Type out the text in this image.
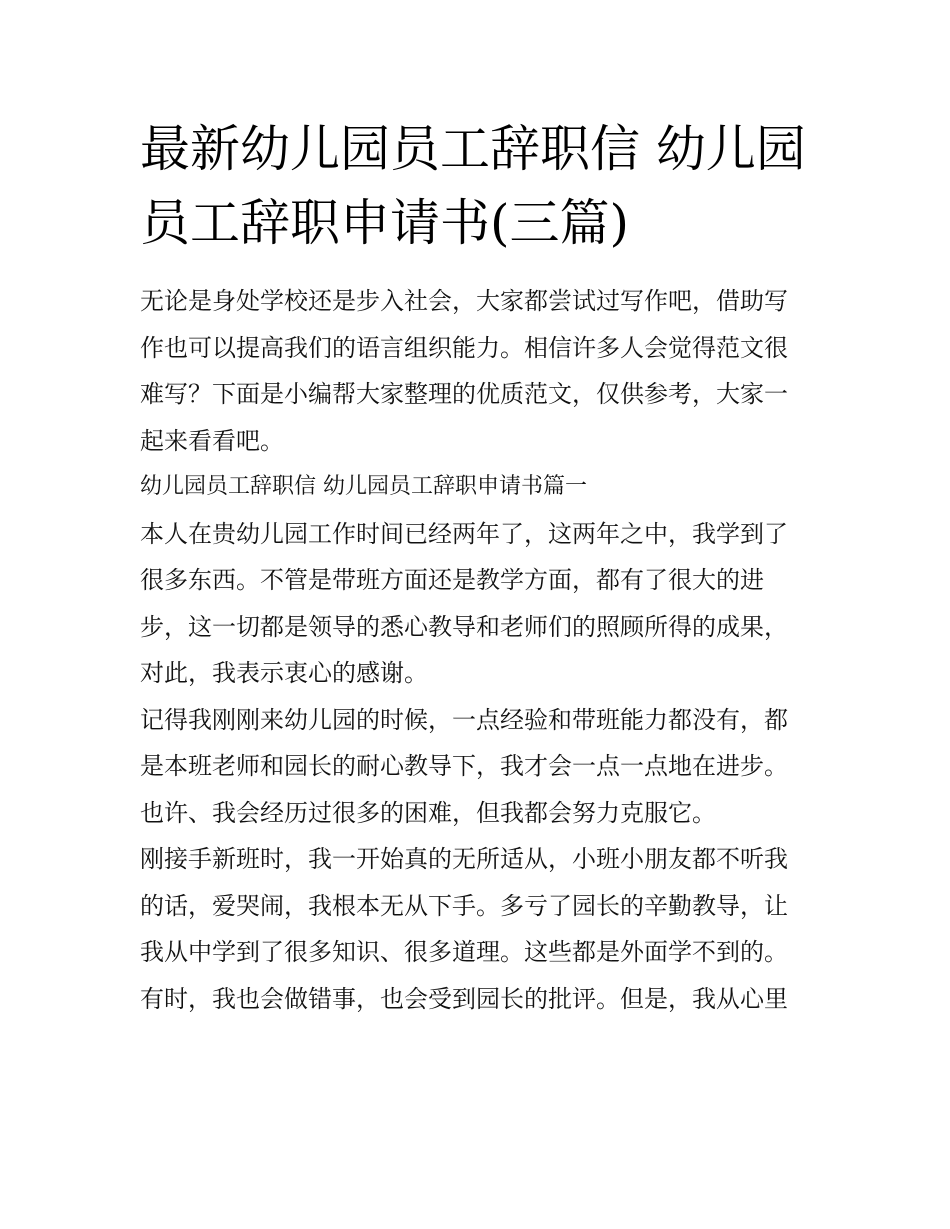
最新幼儿园员工辞职信 幼儿园
员工辞职申请书(三篇)
无论是身处学校还是步入社会，大家都尝试过写作吧，借助写
作也可以提高我们的语言组织能力。相信许多人会觉得范文很
难写？下面是小编帮大家整理的优质范文，仅供参考，大家一
起来看看吧。
幼儿园员工辞职信 幼儿园员工辞职申请书篇一
本人在贵幼儿园工作时间已经两年了，这两年之中，我学到了
很多东西。不管是带班方面还是教学方面，都有了很大的进
步，这一切都是领导的悉心教导和老师们的照顾所得的成果，
对此，我表示衷心的感谢。
记得我刚刚来幼儿园的时候，一点经验和带班能力都没有，都
是本班老师和园长的耐心教导下，我才会一点一点地在进步。
也许、我会经历过很多的困难，但我都会努力克服它。
刚接手新班时，我一开始真的无所适从，小班小朋友都不听我
的话，爱哭闹，我根本无从下手。多亏了园长的辛勤教导，让
我从中学到了很多知识、很多道理。这些都是外面学不到的。
有时，我也会做错事，也会受到园长的批评。但是，我从心里
